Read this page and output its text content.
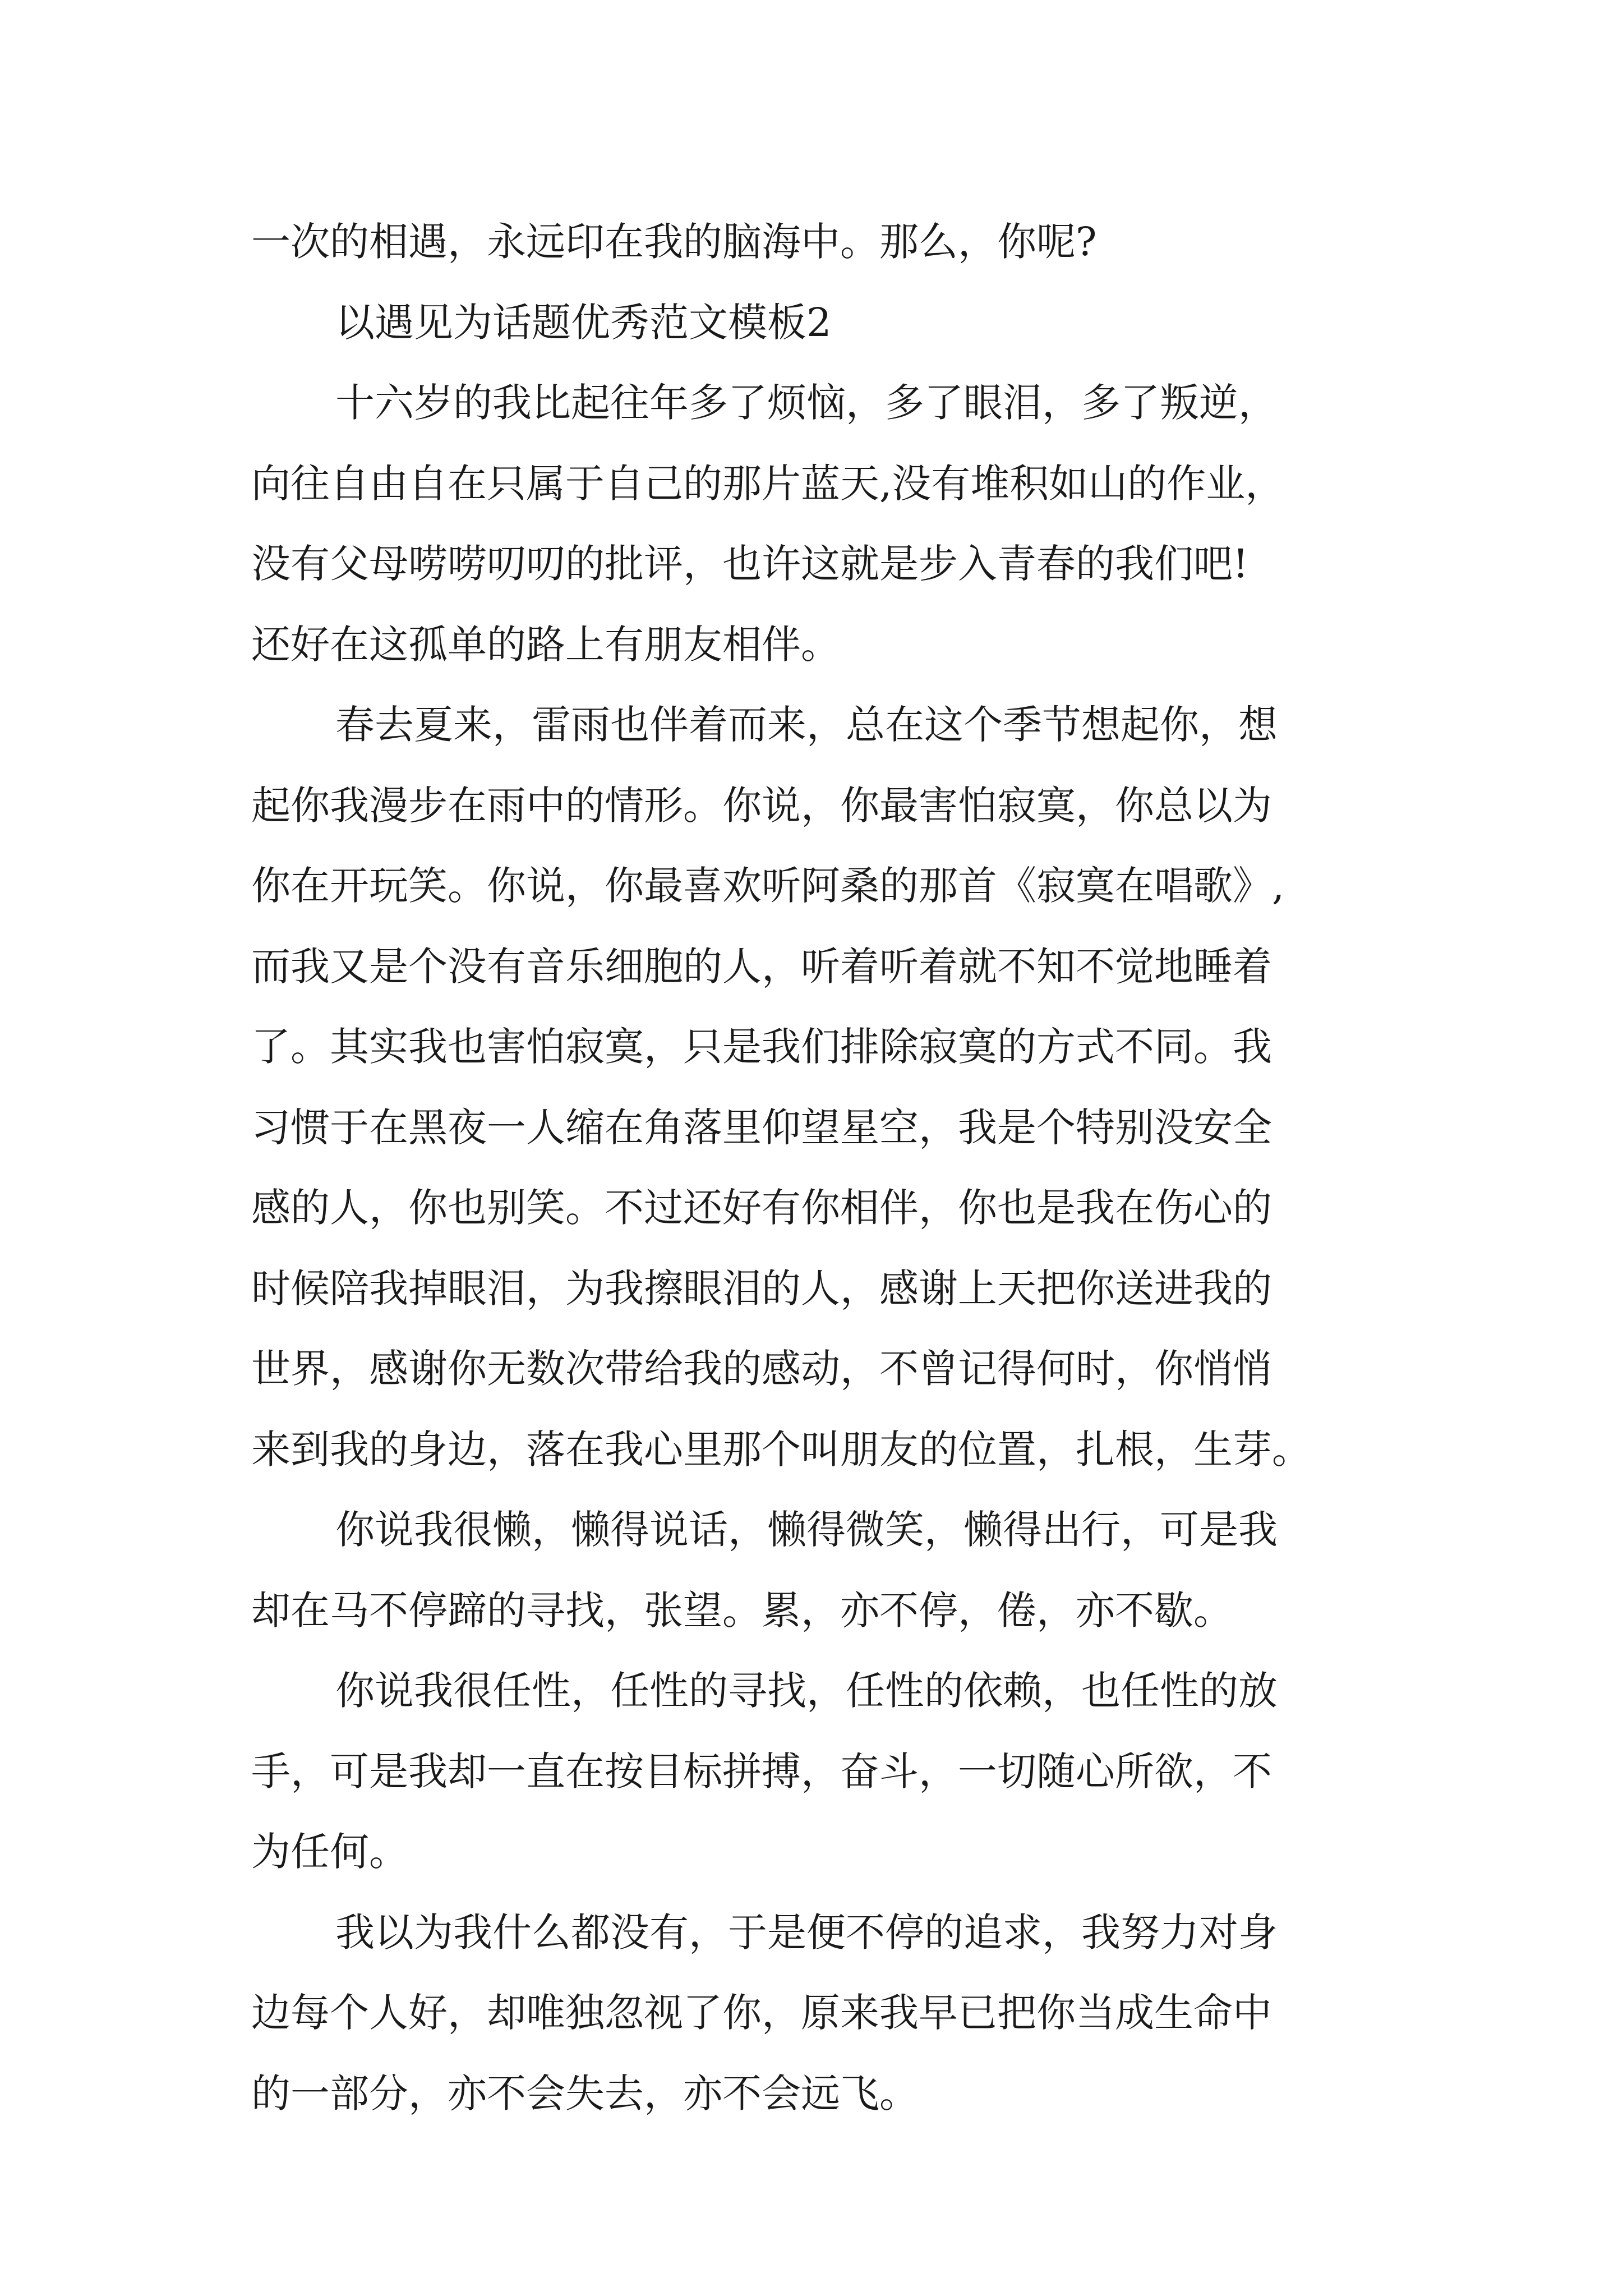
一次的相遇，永远印在我的脑海中。那么，你呢?
以遇见为话题优秀范文模板2
十六岁的我比起往年多了烦恼，多了眼泪，多了叛逆，
向往自由自在只属于自己的那片蓝天,没有堆积如山的作业，
没有父母唠唠叨叨的批评，也许这就是步入青春的我们吧!
还好在这孤单的路上有朋友相伴。
春去夏来，雷雨也伴着而来，总在这个季节想起你，想
起你我漫步在雨中的情形。你说，你最害怕寂寞，你总以为
你在开玩笑。你说，你最喜欢听阿桑的那首《寂寞在唱歌》,
而我又是个没有音乐细胞的人，听着听着就不知不觉地睡着
了。其实我也害怕寂寞，只是我们排除寂寞的方式不同。我
习惯于在黑夜一人缩在角落里仰望星空，我是个特别没安全
感的人，你也别笑。不过还好有你相伴，你也是我在伤心的
时候陪我掉眼泪，为我擦眼泪的人，感谢上天把你送进我的
世界，感谢你无数次带给我的感动，不曾记得何时，你悄悄
来到我的身边，落在我心里那个叫朋友的位置，扎根，生芽。
你说我很懒，懒得说话，懒得微笑，懒得出行，可是我
却在马不停蹄的寻找，张望。累，亦不停，倦，亦不歇。
你说我很任性，任性的寻找，任性的依赖，也任性的放
手，可是我却一直在按目标拼搏，奋斗，一切随心所欲，不
为任何。
我以为我什么都没有，于是便不停的追求，我努力对身
边每个人好，却唯独忽视了你，原来我早已把你当成生命中
的一部分，亦不会失去，亦不会远飞。
